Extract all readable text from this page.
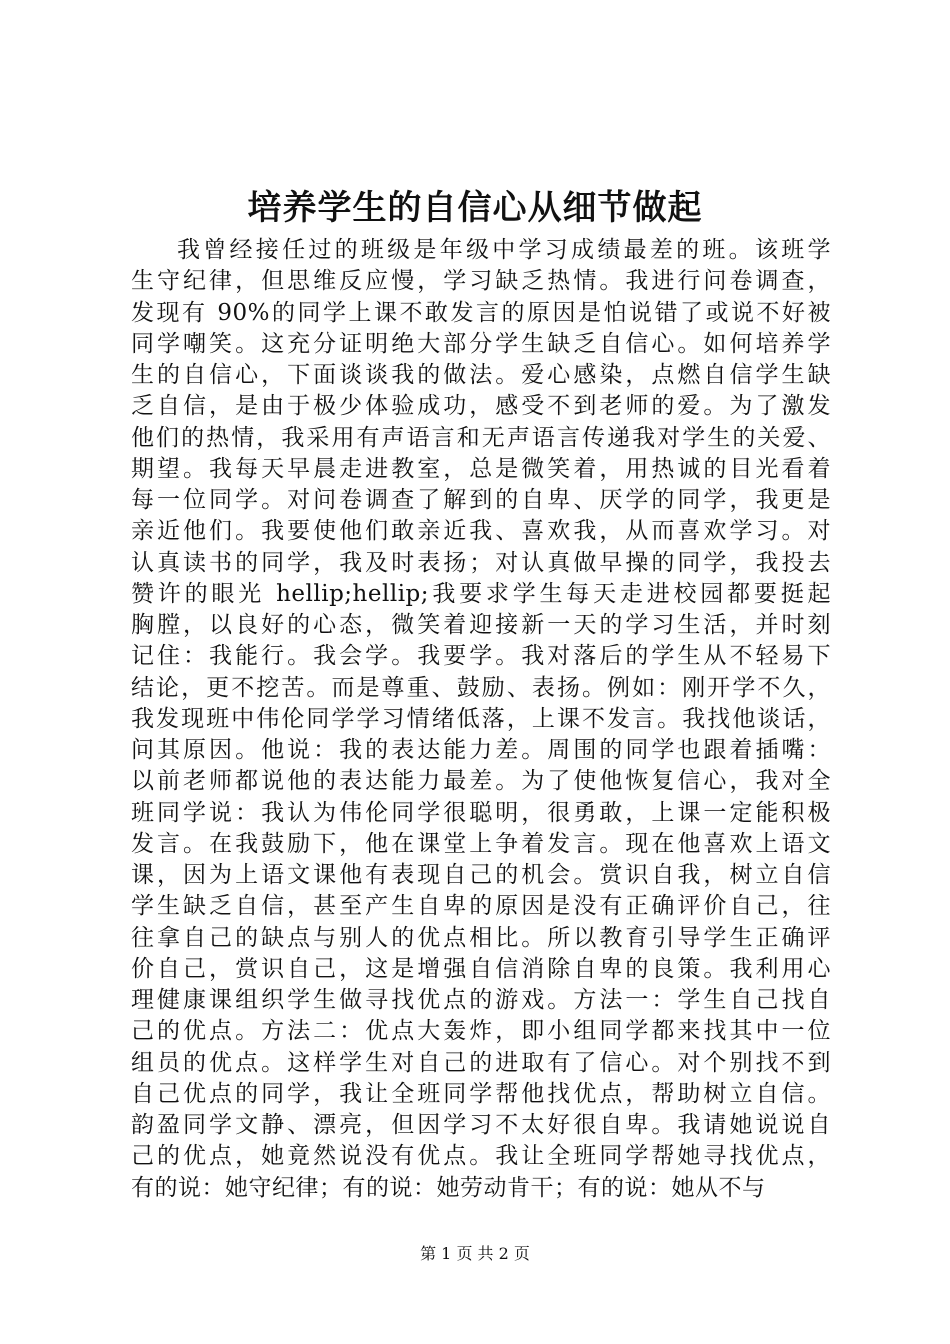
培养学生的自信心从细节做起
我曾经接任过的班级是年级中学习成绩最差的班。该班学
生守纪律，但思维反应慢，学习缺乏热情。我进行问卷调查，
发现有 90%的同学上课不敢发言的原因是怕说错了或说不好被
同学嘲笑。这充分证明绝大部分学生缺乏自信心。如何培养学
生的自信心，下面谈谈我的做法。爱心感染，点燃自信学生缺
乏自信，是由于极少体验成功，感受不到老师的爱。为了激发
他们的热情，我采用有声语言和无声语言传递我对学生的关爱、
期望。我每天早晨走进教室，总是微笑着，用热诚的目光看着
每一位同学。对问卷调查了解到的自卑、厌学的同学，我更是
亲近他们。我要使他们敢亲近我、喜欢我，从而喜欢学习。对
认真读书的同学，我及时表扬；对认真做早操的同学，我投去
赞许的眼光 hellip;hellip;我要求学生每天走进校园都要挺起
胸膛，以良好的心态，微笑着迎接新一天的学习生活，并时刻
记住：我能行。我会学。我要学。我对落后的学生从不轻易下
结论，更不挖苦。而是尊重、鼓励、表扬。例如：刚开学不久，
我发现班中伟伦同学学习情绪低落，上课不发言。我找他谈话，
问其原因。他说：我的表达能力差。周围的同学也跟着插嘴：
以前老师都说他的表达能力最差。为了使他恢复信心，我对全
班同学说：我认为伟伦同学很聪明，很勇敢，上课一定能积极
发言。在我鼓励下，他在课堂上争着发言。现在他喜欢上语文
课，因为上语文课他有表现自己的机会。赏识自我，树立自信
学生缺乏自信，甚至产生自卑的原因是没有正确评价自己，往
往拿自己的缺点与别人的优点相比。所以教育引导学生正确评
价自己，赏识自己，这是增强自信消除自卑的良策。我利用心
理健康课组织学生做寻找优点的游戏。方法一：学生自己找自
己的优点。方法二：优点大轰炸，即小组同学都来找其中一位
组员的优点。这样学生对自己的进取有了信心。对个别找不到
自己优点的同学，我让全班同学帮他找优点，帮助树立自信。
韵盈同学文静、漂亮，但因学习不太好很自卑。我请她说说自
己的优点，她竟然说没有优点。我让全班同学帮她寻找优点，
有的说：她守纪律；有的说：她劳动肯干；有的说：她从不与
第 1 页 共 2 页
